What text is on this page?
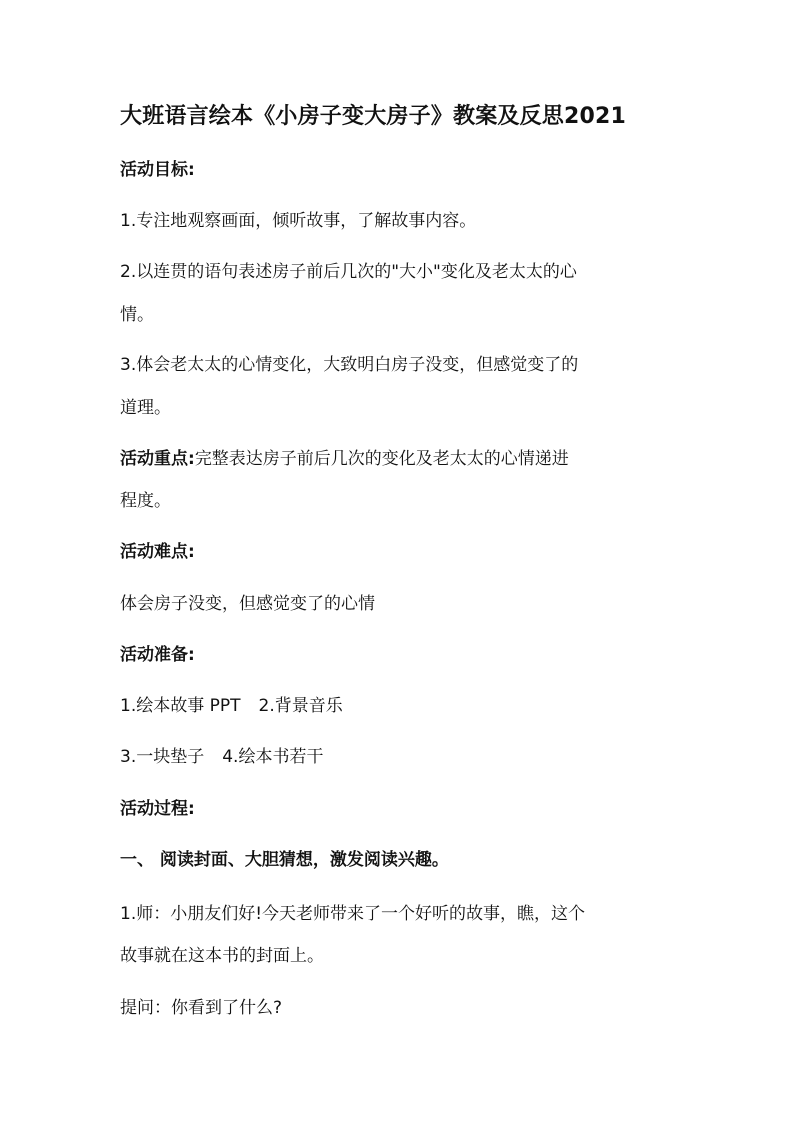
大班语言绘本《小房子变大房子》教案及反思2021
活动目标:
1.专注地观察画面，倾听故事，了解故事内容。
2.以连贯的语句表述房子前后几次的"大小"变化及老太太的心
情。
3.体会老太太的心情变化，大致明白房子没变，但感觉变了的
道理。
活动重点:完整表达房子前后几次的变化及老太太的心情递进
程度。
活动难点:
体会房子没变，但感觉变了的心情
活动准备:
1.绘本故事 PPT 2.背景音乐
3.一块垫子 4.绘本书若干
活动过程:
一、 阅读封面、大胆猜想，激发阅读兴趣。
1.师：小朋友们好!今天老师带来了一个好听的故事，瞧，这个
故事就在这本书的封面上。
提问：你看到了什么?
